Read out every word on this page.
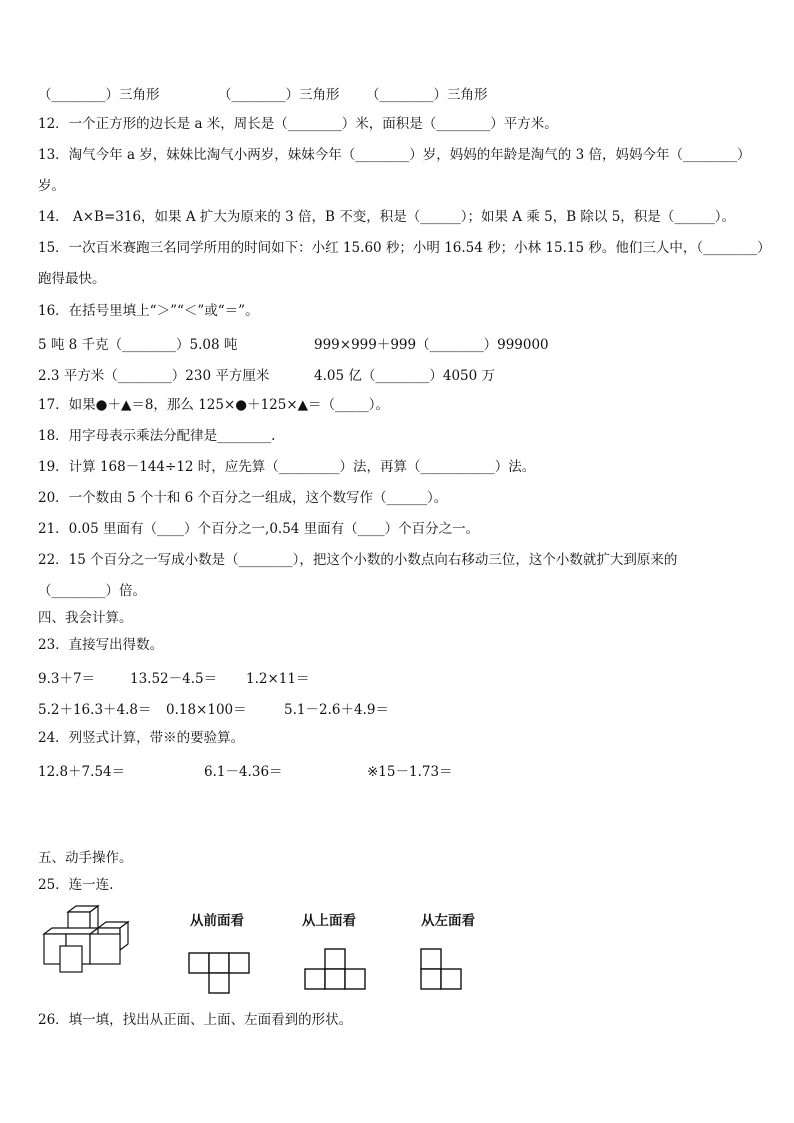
（________）三角形	（________）三角形 （________）三角形
12．一个正方形的边长是 a 米，周长是（________）米，面积是（________）平方米。
13．淘气今年 a 岁，妹妹比淘气小两岁，妹妹今年（________）岁，妈妈的年龄是淘气的 3 倍，妈妈今年（________）
岁。
14． A×B=316，如果 A 扩大为原来的 3 倍，B 不变，积是（______）；如果 A 乘 5，B 除以 5，积是（______）。
15．一次百米赛跑三名同学所用的时间如下：小红 15.60 秒；小明 16.54 秒；小林 15.15 秒。他们三人中，（________）
跑得最快。
16．在括号里填上“＞”“＜”或“＝”。
5 吨 8 千克（________）5.08 吨	999×999＋999（________）999000
2.3 平方米（________）230 平方厘米	4.05 亿（________）4050 万
17．如果●＋▲＝8，那么 125×●＋125×▲＝（_____）。
18．用字母表示乘法分配律是________.
19．计算 168－144÷12 时，应先算（_________）法，再算（___________）法。
20．一个数由 5 个十和 6 个百分之一组成，这个数写作（______）。
21．0.05 里面有（____）个百分之一,0.54 里面有（____）个百分之一。
22．15 个百分之一写成小数是（________），把这个小数的小数点向右移动三位，这个小数就扩大到原来的
（________）倍。
四、我会计算。
23．直接写出得数。
9.3＋7＝	13.52－4.5＝ 1.2×11＝
5.2＋16.3＋4.8＝ 0.18×100＝	5.1－2.6＋4.9＝
24．列竖式计算，带※的要验算。
12.8＋7.54＝	6.1－4.36＝	※15－1.73＝
五、动手操作。
25．连一连.
从前面看	从上面看	从左面看
26．填一填，找出从正面、上面、左面看到的形状。
